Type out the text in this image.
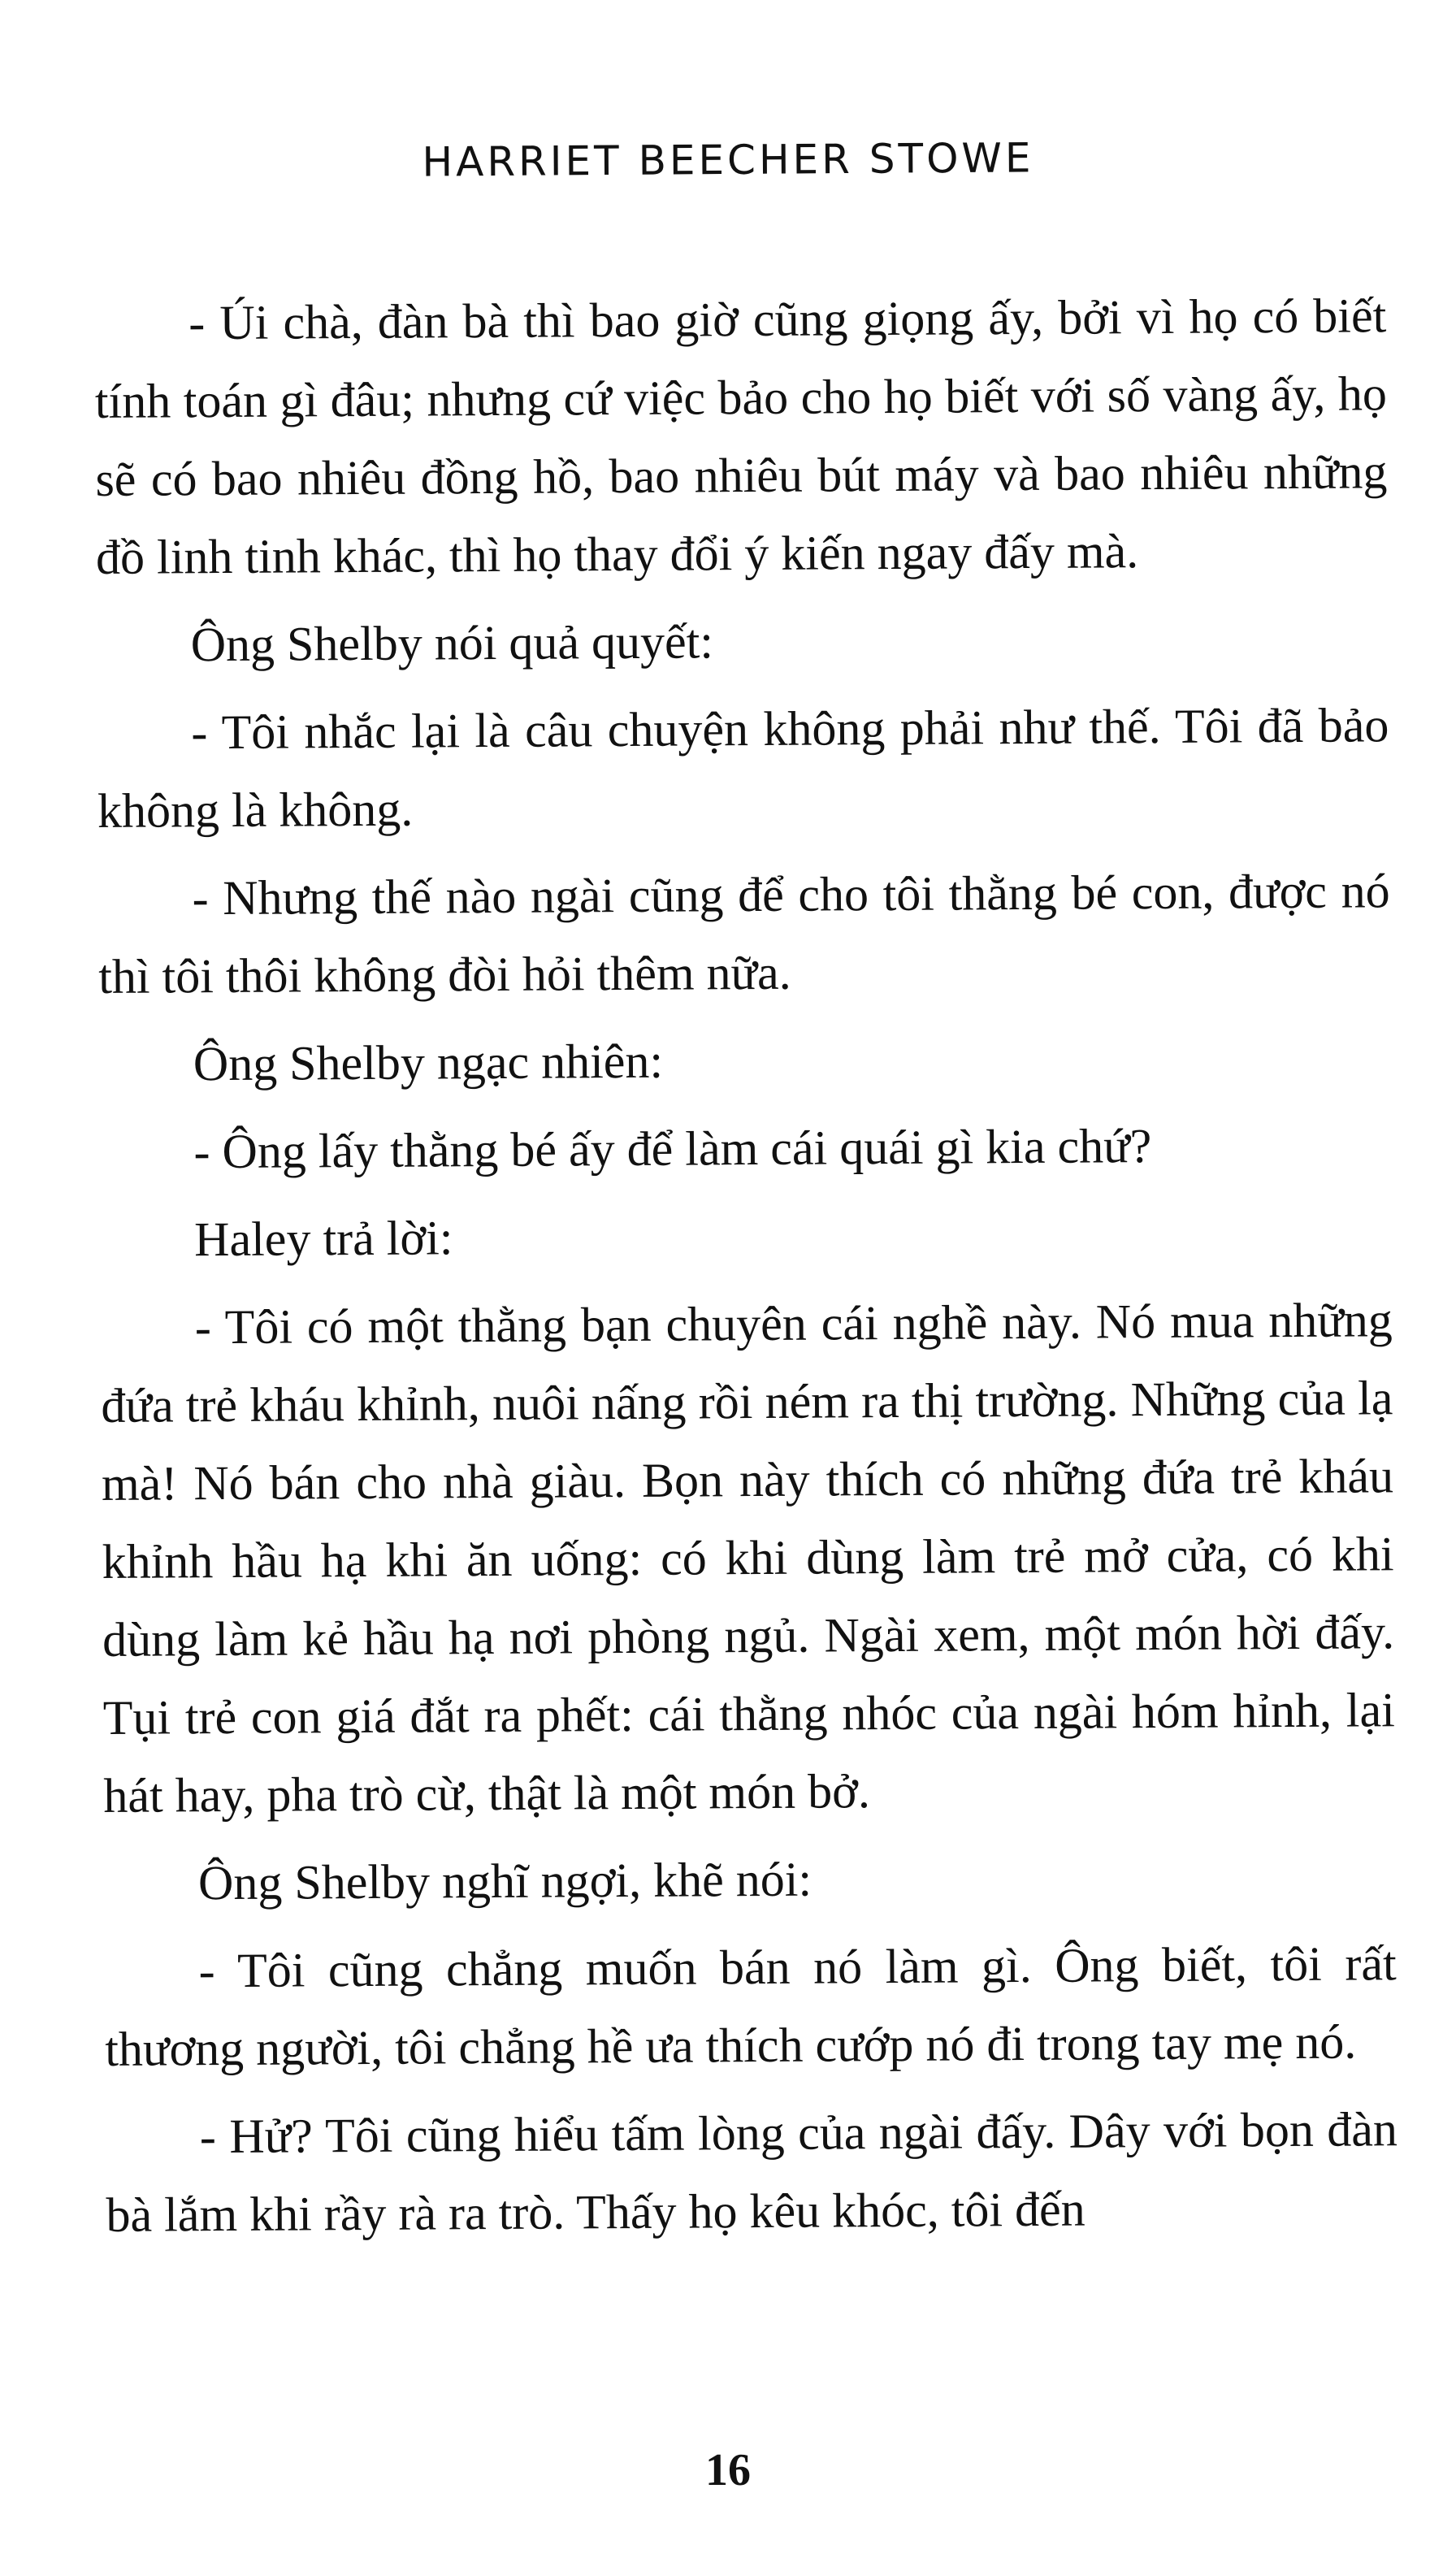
HARRIET BEECHER STOWE

- Úi chà, đàn bà thì bao giờ cũng giọng ấy, bởi vì họ có biết tính toán gì đâu; nhưng cứ việc bảo cho họ biết với số vàng ấy, họ sẽ có bao nhiêu đồng hồ, bao nhiêu bút máy và bao nhiêu những đồ linh tinh khác, thì họ thay đổi ý kiến ngay đấy mà.

Ông Shelby nói quả quyết:

- Tôi nhắc lại là câu chuyện không phải như thế. Tôi đã bảo không là không.

- Nhưng thế nào ngài cũng để cho tôi thằng bé con, được nó thì tôi thôi không đòi hỏi thêm nữa.

Ông Shelby ngạc nhiên:

- Ông lấy thằng bé ấy để làm cái quái gì kia chứ?

Haley trả lời:

- Tôi có một thằng bạn chuyên cái nghề này. Nó mua những đứa trẻ kháu khỉnh, nuôi nấng rồi ném ra thị trường. Những của lạ mà! Nó bán cho nhà giàu. Bọn này thích có những đứa trẻ kháu khỉnh hầu hạ khi ăn uống: có khi dùng làm trẻ mở cửa, có khi dùng làm kẻ hầu hạ nơi phòng ngủ. Ngài xem, một món hời đấy. Tụi trẻ con giá đắt ra phết: cái thằng nhóc của ngài hóm hỉnh, lại hát hay, pha trò cừ, thật là một món bở.

Ông Shelby nghĩ ngợi, khẽ nói:

- Tôi cũng chẳng muốn bán nó làm gì. Ông biết, tôi rất thương người, tôi chẳng hề ưa thích cướp nó đi trong tay mẹ nó.

- Hử? Tôi cũng hiểu tấm lòng của ngài đấy. Dây với bọn đàn bà lắm khi rầy rà ra trò. Thấy họ kêu khóc, tôi đến

16
